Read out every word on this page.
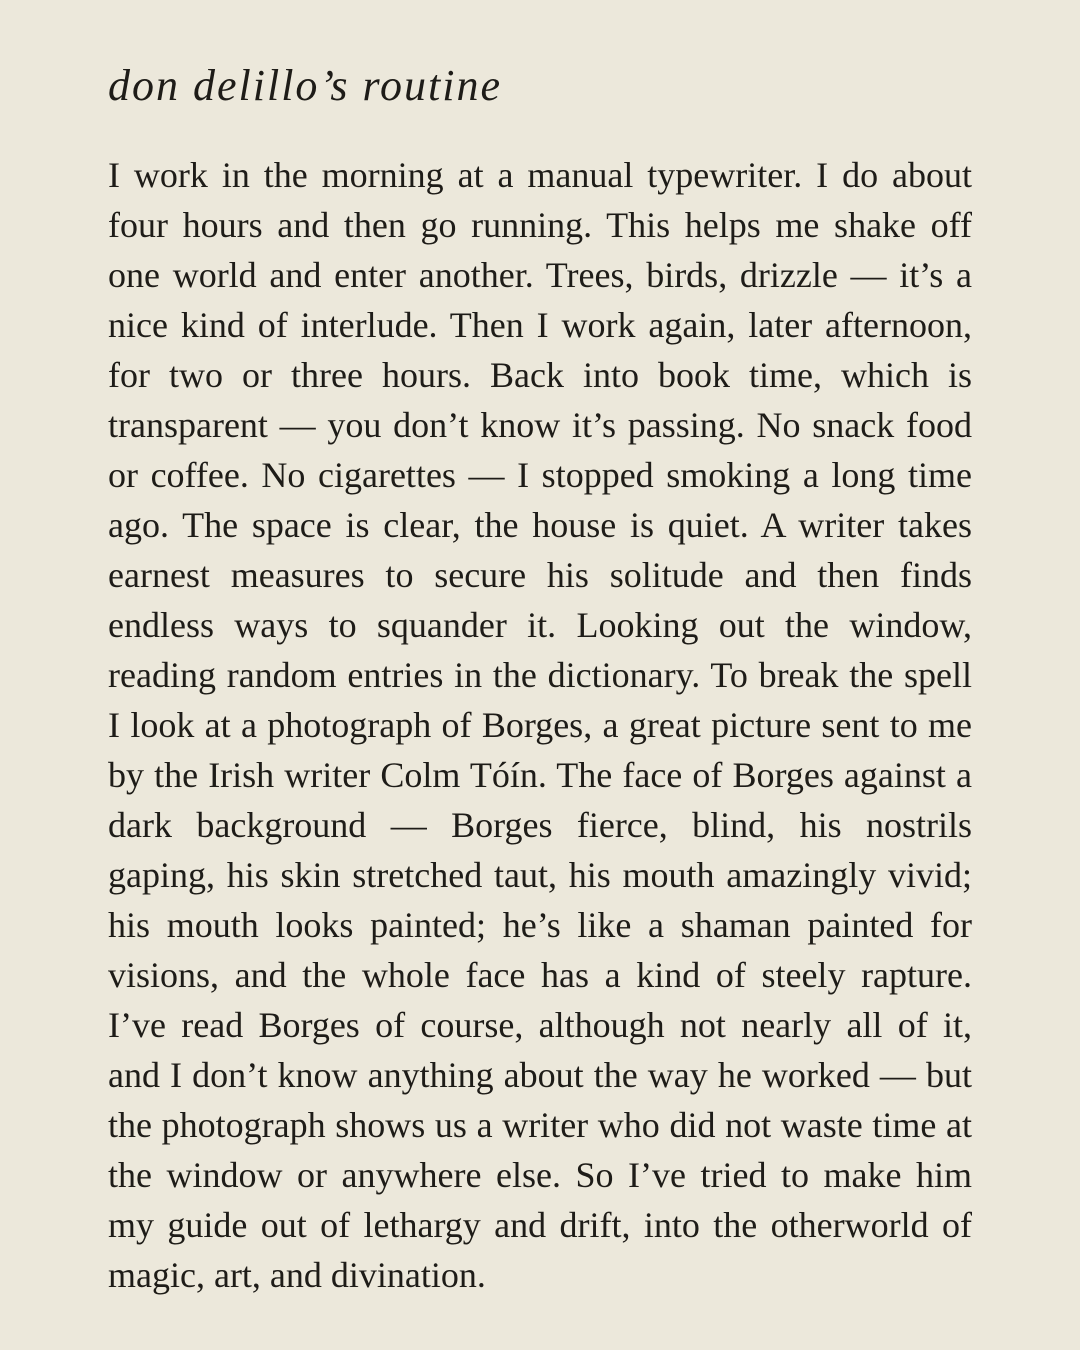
don delillo’s routine
I work in the morning at a manual typewriter. I do about
four hours and then go running. This helps me shake off
one world and enter another. Trees, birds, drizzle — it’s a
nice kind of interlude. Then I work again, later afternoon,
for two or three hours. Back into book time, which is
transparent — you don’t know it’s passing. No snack food
or coffee. No cigarettes — I stopped smoking a long time
ago. The space is clear, the house is quiet. A writer takes
earnest measures to secure his solitude and then finds
endless ways to squander it. Looking out the window,
reading random entries in the dictionary. To break the spell
I look at a photograph of Borges, a great picture sent to me
by the Irish writer Colm Tóín. The face of Borges against a
dark background — Borges fierce, blind, his nostrils
gaping, his skin stretched taut, his mouth amazingly vivid;
his mouth looks painted; he’s like a shaman painted for
visions, and the whole face has a kind of steely rapture.
I’ve read Borges of course, although not nearly all of it,
and I don’t know anything about the way he worked — but
the photograph shows us a writer who did not waste time at
the window or anywhere else. So I’ve tried to make him
my guide out of lethargy and drift, into the otherworld of
magic, art, and divination.
